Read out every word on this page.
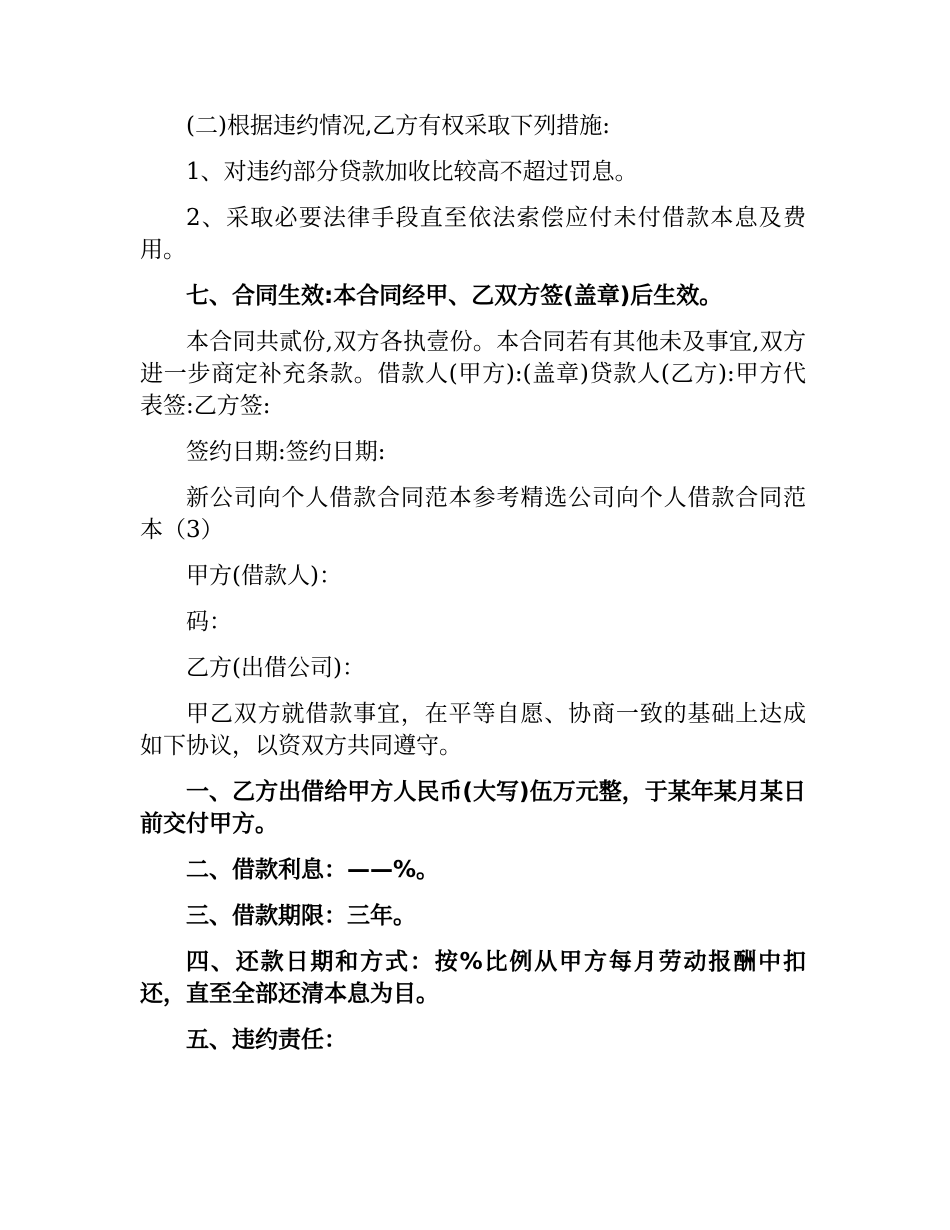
(二)根据违约情况,乙方有权采取下列措施:

1、对违约部分贷款加收比较高不超过罚息。

2、采取必要法律手段直至依法索偿应付未付借款本息及费用。

七、合同生效:本合同经甲、乙双方签(盖章)后生效。

本合同共贰份,双方各执壹份。本合同若有其他未及事宜,双方进一步商定补充条款。借款人(甲方):(盖章)贷款人(乙方):甲方代表签:乙方签:

签约日期:签约日期:

新公司向个人借款合同范本参考精选公司向个人借款合同范本（3）

甲方(借款人)：

码：

乙方(出借公司)：

甲乙双方就借款事宜，在平等自愿、协商一致的基础上达成如下协议，以资双方共同遵守。

一、乙方出借给甲方人民币(大写)伍万元整，于某年某月某日前交付甲方。

二、借款利息：——%。

三、借款期限：三年。

四、还款日期和方式：按%比例从甲方每月劳动报酬中扣还，直至全部还清本息为目。

五、违约责任：
